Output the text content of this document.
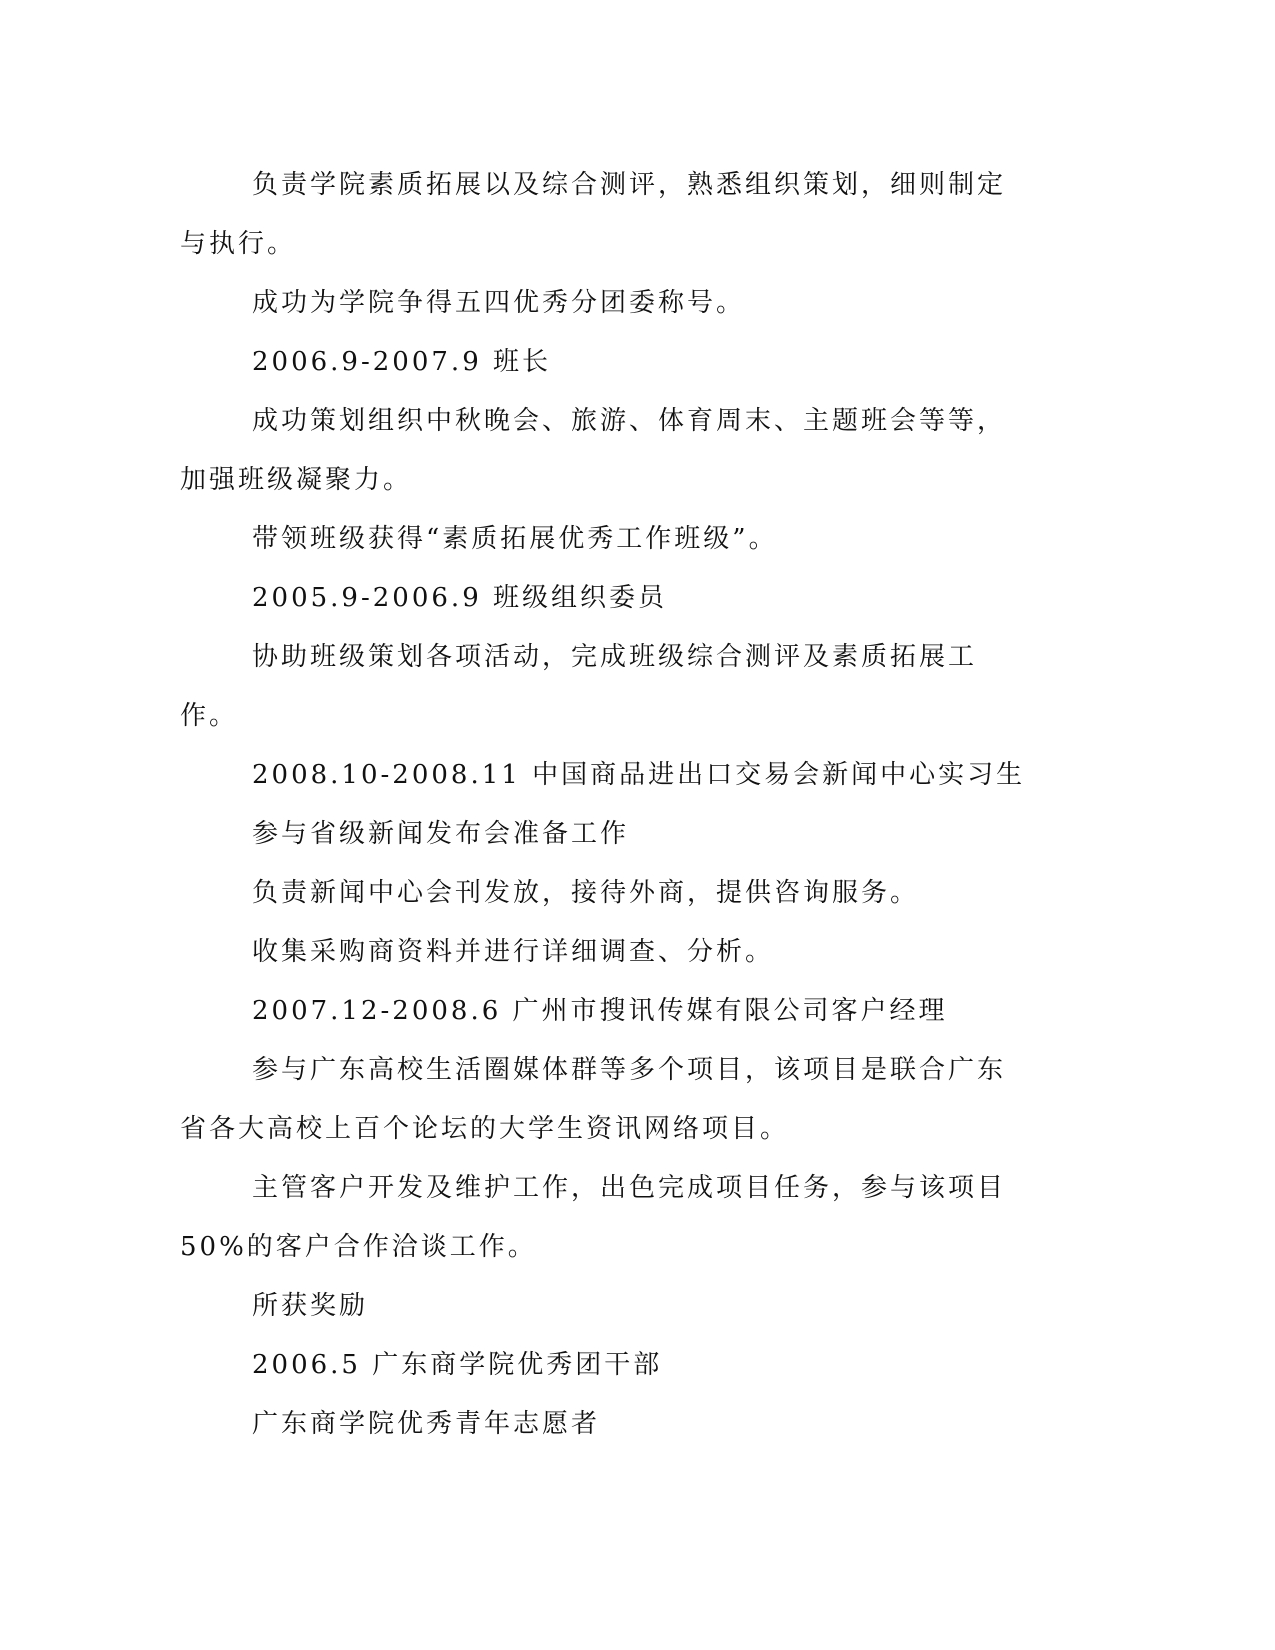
负责学院素质拓展以及综合测评，熟悉组织策划，细则制定与执行。

成功为学院争得五四优秀分团委称号。

2006.9-2007.9 班长

成功策划组织中秋晚会、旅游、体育周末、主题班会等等，加强班级凝聚力。

带领班级获得“素质拓展优秀工作班级”。

2005.9-2006.9 班级组织委员

协助班级策划各项活动，完成班级综合测评及素质拓展工作。

2008.10-2008.11 中国商品进出口交易会新闻中心实习生

参与省级新闻发布会准备工作

负责新闻中心会刊发放，接待外商，提供咨询服务。

收集采购商资料并进行详细调查、分析。

2007.12-2008.6 广州市搜讯传媒有限公司客户经理

参与广东高校生活圈媒体群等多个项目，该项目是联合广东省各大高校上百个论坛的大学生资讯网络项目。

主管客户开发及维护工作，出色完成项目任务，参与该项目 50%的客户合作洽谈工作。

所获奖励

2006.5 广东商学院优秀团干部

广东商学院优秀青年志愿者
